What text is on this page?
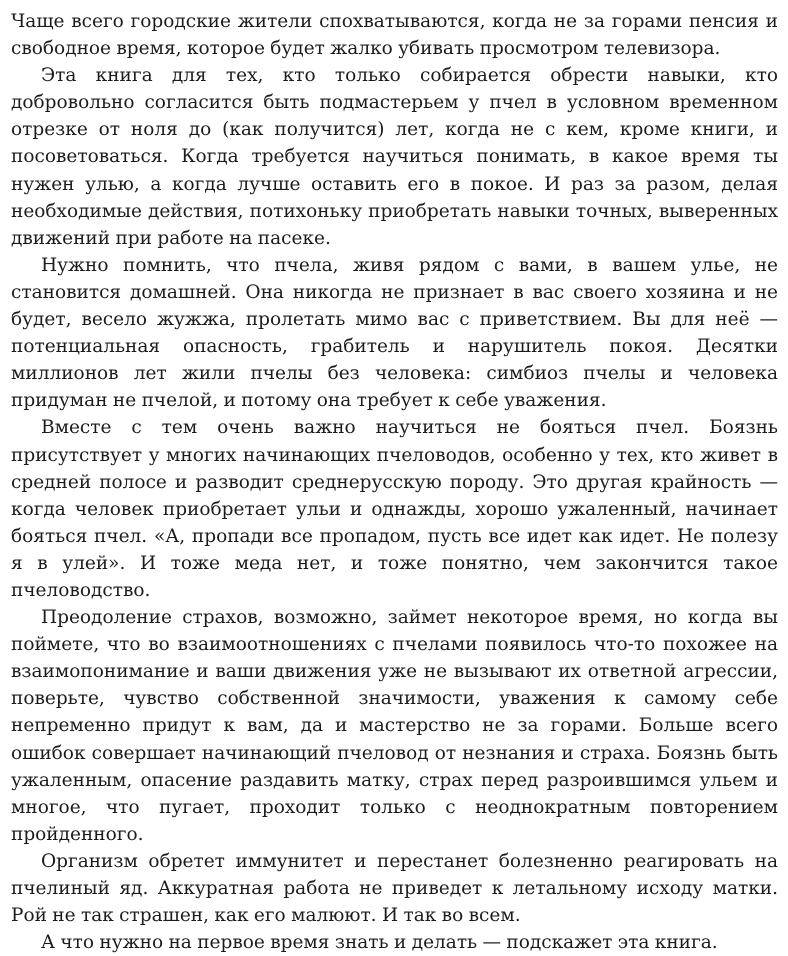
Чаще всего городские жители спохватываются, когда не за горами пенсия и свободное время, которое будет жалко убивать просмотром телевизора.

Эта книга для тех, кто только собирается обрести навыки, кто добровольно согласится быть подмастерьем у пчел в условном временном отрезке от ноля до (как получится) лет, когда не с кем, кроме книги, и посоветоваться. Когда требуется научиться понимать, в какое время ты нужен улью, а когда лучше оставить его в покое. И раз за разом, делая необходимые действия, потихоньку приобретать навыки точных, выверенных движений при работе на пасеке.

Нужно помнить, что пчела, живя рядом с вами, в вашем улье, не становится домашней. Она никогда не признает в вас своего хозяина и не будет, весело жужжа, пролетать мимо вас с приветствием. Вы для неё — потенциальная опасность, грабитель и нарушитель покоя. Десятки миллионов лет жили пчелы без человека: симбиоз пчелы и человека придуман не пчелой, и потому она требует к себе уважения.

Вместе с тем очень важно научиться не бояться пчел. Боязнь присутствует у многих начинающих пчеловодов, особенно у тех, кто живет в средней полосе и разводит среднерусскую породу. Это другая крайность — когда человек приобретает ульи и однажды, хорошо ужаленный, начинает бояться пчел. «А, пропади все пропадом, пусть все идет как идет. Не полезу я в улей». И тоже меда нет, и тоже понятно, чем закончится такое пчеловодство.

Преодоление страхов, возможно, займет некоторое время, но когда вы поймете, что во взаимоотношениях с пчелами появилось что-то похожее на взаимопонимание и ваши движения уже не вызывают их ответной агрессии, поверьте, чувство собственной значимости, уважения к самому себе непременно придут к вам, да и мастерство не за горами. Больше всего ошибок совершает начинающий пчеловод от незнания и страха. Боязнь быть ужаленным, опасение раздавить матку, страх перед разроившимся ульем и многое, что пугает, проходит только с неоднократным повторением пройденного.

Организм обретет иммунитет и перестанет болезненно реагировать на пчелиный яд. Аккуратная работа не приведет к летальному исходу матки. Рой не так страшен, как его малюют. И так во всем.

А что нужно на первое время знать и делать — подскажет эта книга.
